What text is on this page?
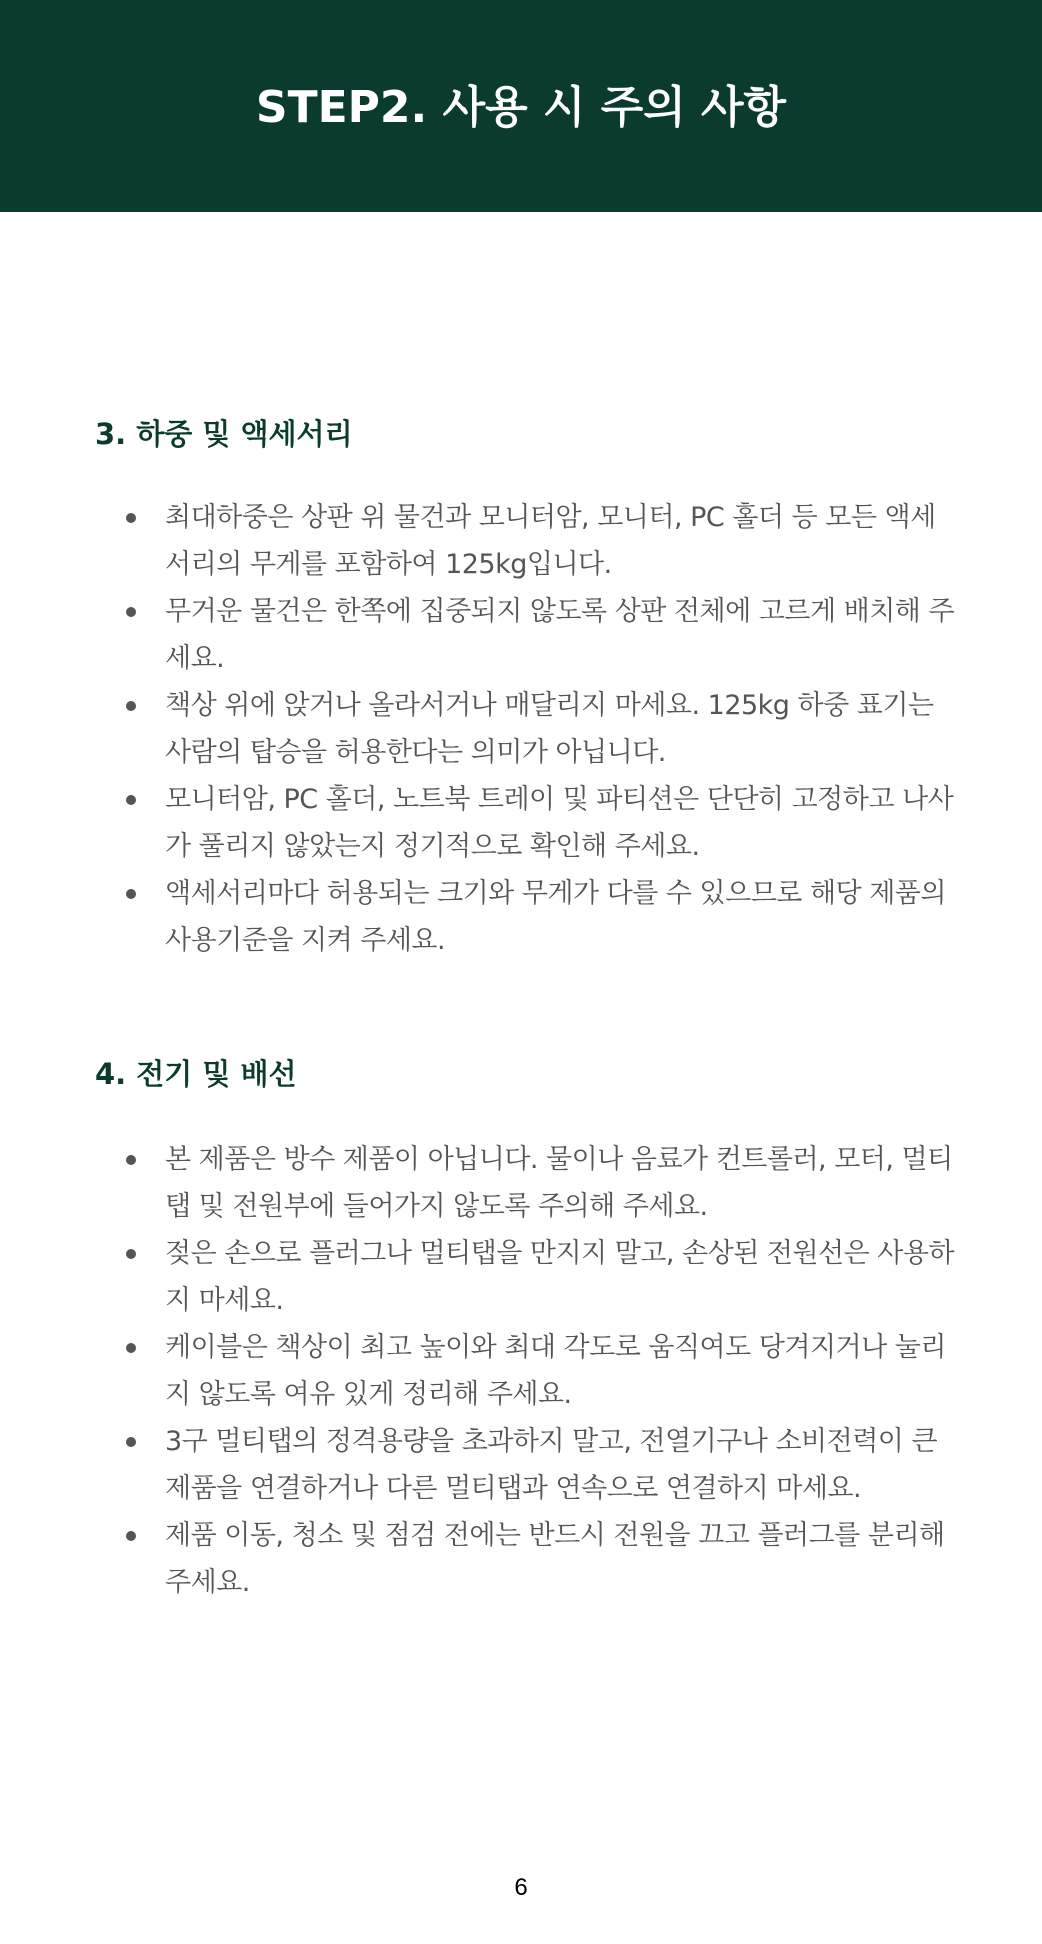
STEP2. 사용 시 주의 사항
3. 하중 및 액세서리
최대하중은 상판 위 물건과 모니터암, 모니터, PC 홀더 등 모든 액세서리의 무게를 포함하여 125kg입니다.
무거운 물건은 한쪽에 집중되지 않도록 상판 전체에 고르게 배치해 주세요.
책상 위에 앉거나 올라서거나 매달리지 마세요. 125kg 하중 표기는 사람의 탑승을 허용한다는 의미가 아닙니다.
모니터암, PC 홀더, 노트북 트레이 및 파티션은 단단히 고정하고 나사가 풀리지 않았는지 정기적으로 확인해 주세요.
액세서리마다 허용되는 크기와 무게가 다를 수 있으므로 해당 제품의 사용기준을 지켜 주세요.
4. 전기 및 배선
본 제품은 방수 제품이 아닙니다. 물이나 음료가 컨트롤러, 모터, 멀티탭 및 전원부에 들어가지 않도록 주의해 주세요.
젖은 손으로 플러그나 멀티탭을 만지지 말고, 손상된 전원선은 사용하지 마세요.
케이블은 책상이 최고 높이와 최대 각도로 움직여도 당겨지거나 눌리지 않도록 여유 있게 정리해 주세요.
3구 멀티탭의 정격용량을 초과하지 말고, 전열기구나 소비전력이 큰 제품을 연결하거나 다른 멀티탭과 연속으로 연결하지 마세요.
제품 이동, 청소 및 점검 전에는 반드시 전원을 끄고 플러그를 분리해 주세요.
6
